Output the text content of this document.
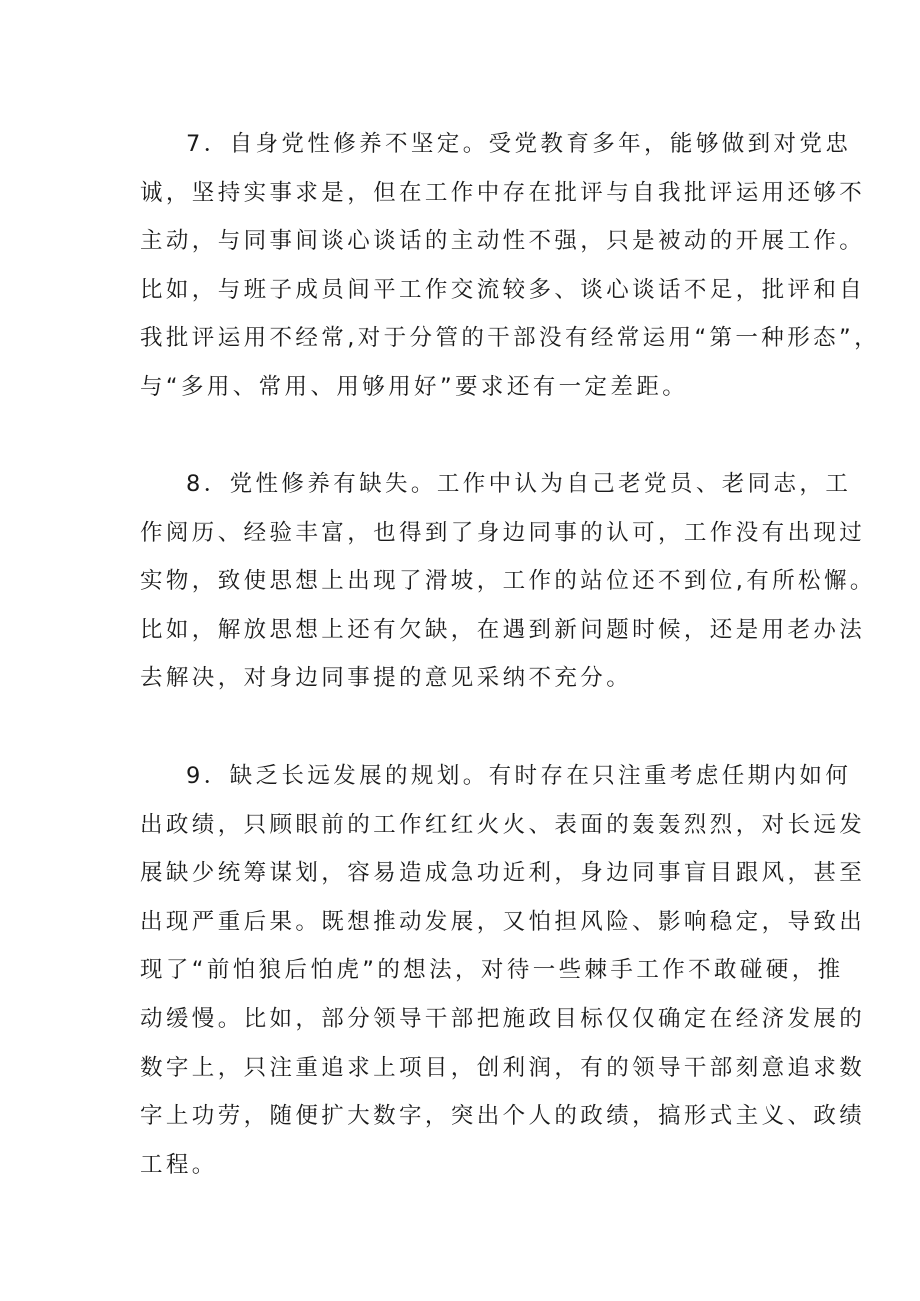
7．自身党性修养不坚定。受党教育多年，能够做到对党忠
诚，坚持实事求是，但在工作中存在批评与自我批评运用还够不
主动，与同事间谈心谈话的主动性不强，只是被动的开展工作。
比如，与班子成员间平工作交流较多、谈心谈话不足，批评和自
我批评运用不经常,对于分管的干部没有经常运用“第一种形态”，
与“多用、常用、用够用好”要求还有一定差距。
8．党性修养有缺失。工作中认为自己老党员、老同志，工
作阅历、经验丰富，也得到了身边同事的认可，工作没有出现过
实物，致使思想上出现了滑坡，工作的站位还不到位,有所松懈。
比如，解放思想上还有欠缺，在遇到新问题时候，还是用老办法
去解决，对身边同事提的意见采纳不充分。
9．缺乏长远发展的规划。有时存在只注重考虑任期内如何
出政绩，只顾眼前的工作红红火火、表面的轰轰烈烈，对长远发
展缺少统筹谋划，容易造成急功近利，身边同事盲目跟风，甚至
出现严重后果。既想推动发展，又怕担风险、影响稳定，导致出
现了“前怕狼后怕虎”的想法，对待一些棘手工作不敢碰硬，推
动缓慢。比如，部分领导干部把施政目标仅仅确定在经济发展的
数字上，只注重追求上项目，创利润，有的领导干部刻意追求数
字上功劳，随便扩大数字，突出个人的政绩，搞形式主义、政绩
工程。
